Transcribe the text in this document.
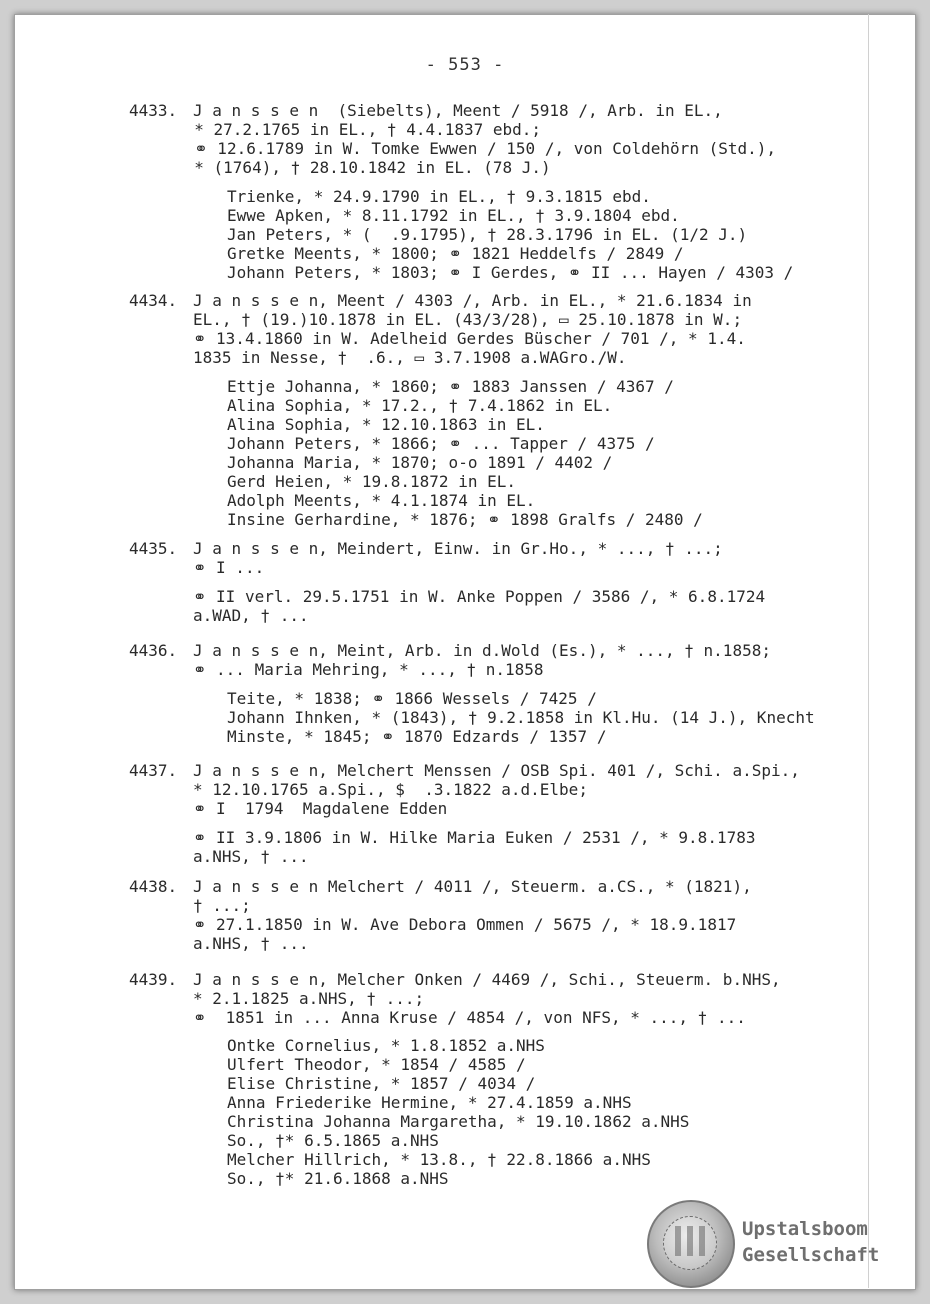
- 553 -
4433. J a n s s e n  (Siebelts), Meent / 5918 /, Arb. in EL.,
* 27.2.1765 in EL., † 4.4.1837 ebd.;
⚭ 12.6.1789 in W. Tomke Ewwen / 150 /, von Coldehörn (Std.),
* (1764), † 28.10.1842 in EL. (78 J.)
Trienke, * 24.9.1790 in EL., † 9.3.1815 ebd.
Ewwe Apken, * 8.11.1792 in EL., † 3.9.1804 ebd.
Jan Peters, * (  .9.1795), † 28.3.1796 in EL. (1/2 J.)
Gretke Meents, * 1800; ⚭ 1821 Heddelfs / 2849 /
Johann Peters, * 1803; ⚭ I Gerdes, ⚭ II ... Hayen / 4303 /
4434. J a n s s e n, Meent / 4303 /, Arb. in EL., * 21.6.1834 in
EL., † (19.)10.1878 in EL. (43/3/28), ▭ 25.10.1878 in W.;
⚭ 13.4.1860 in W. Adelheid Gerdes Büscher / 701 /, * 1.4.
1835 in Nesse, †  .6., ▭ 3.7.1908 a.WAGro./W.
Ettje Johanna, * 1860; ⚭ 1883 Janssen / 4367 /
Alina Sophia, * 17.2., † 7.4.1862 in EL.
Alina Sophia, * 12.10.1863 in EL.
Johann Peters, * 1866; ⚭ ... Tapper / 4375 /
Johanna Maria, * 1870; o-o 1891 / 4402 /
Gerd Heien, * 19.8.1872 in EL.
Adolph Meents, * 4.1.1874 in EL.
Insine Gerhardine, * 1876; ⚭ 1898 Gralfs / 2480 /
4435. J a n s s e n, Meindert, Einw. in Gr.Ho., * ..., † ...;
⚭ I ...
⚭ II verl. 29.5.1751 in W. Anke Poppen / 3586 /, * 6.8.1724
a.WAD, † ...
4436. J a n s s e n, Meint, Arb. in d.Wold (Es.), * ..., † n.1858;
⚭ ... Maria Mehring, * ..., † n.1858
Teite, * 1838; ⚭ 1866 Wessels / 7425 /
Johann Ihnken, * (1843), † 9.2.1858 in Kl.Hu. (14 J.), Knecht
Minste, * 1845; ⚭ 1870 Edzards / 1357 /
4437. J a n s s e n, Melchert Menssen / OSB Spi. 401 /, Schi. a.Spi.,
* 12.10.1765 a.Spi., $  .3.1822 a.d.Elbe;
⚭ I  1794  Magdalene Edden
⚭ II 3.9.1806 in W. Hilke Maria Euken / 2531 /, * 9.8.1783
a.NHS, † ...
4438. J a n s s e n Melchert / 4011 /, Steuerm. a.CS., * (1821),
† ...;
⚭ 27.1.1850 in W. Ave Debora Ommen / 5675 /, * 18.9.1817
a.NHS, † ...
4439. J a n s s e n, Melcher Onken / 4469 /, Schi., Steuerm. b.NHS,
* 2.1.1825 a.NHS, † ...;
⚭  1851 in ... Anna Kruse / 4854 /, von NFS, * ..., † ...
Ontke Cornelius, * 1.8.1852 a.NHS
Ulfert Theodor, * 1854 / 4585 /
Elise Christine, * 1857 / 4034 /
Anna Friederike Hermine, * 27.4.1859 a.NHS
Christina Johanna Margaretha, * 19.10.1862 a.NHS
So., †* 6.5.1865 a.NHS
Melcher Hillrich, * 13.8., † 22.8.1866 a.NHS
So., †* 21.6.1868 a.NHS
Upstalsboom
Gesellschaft
